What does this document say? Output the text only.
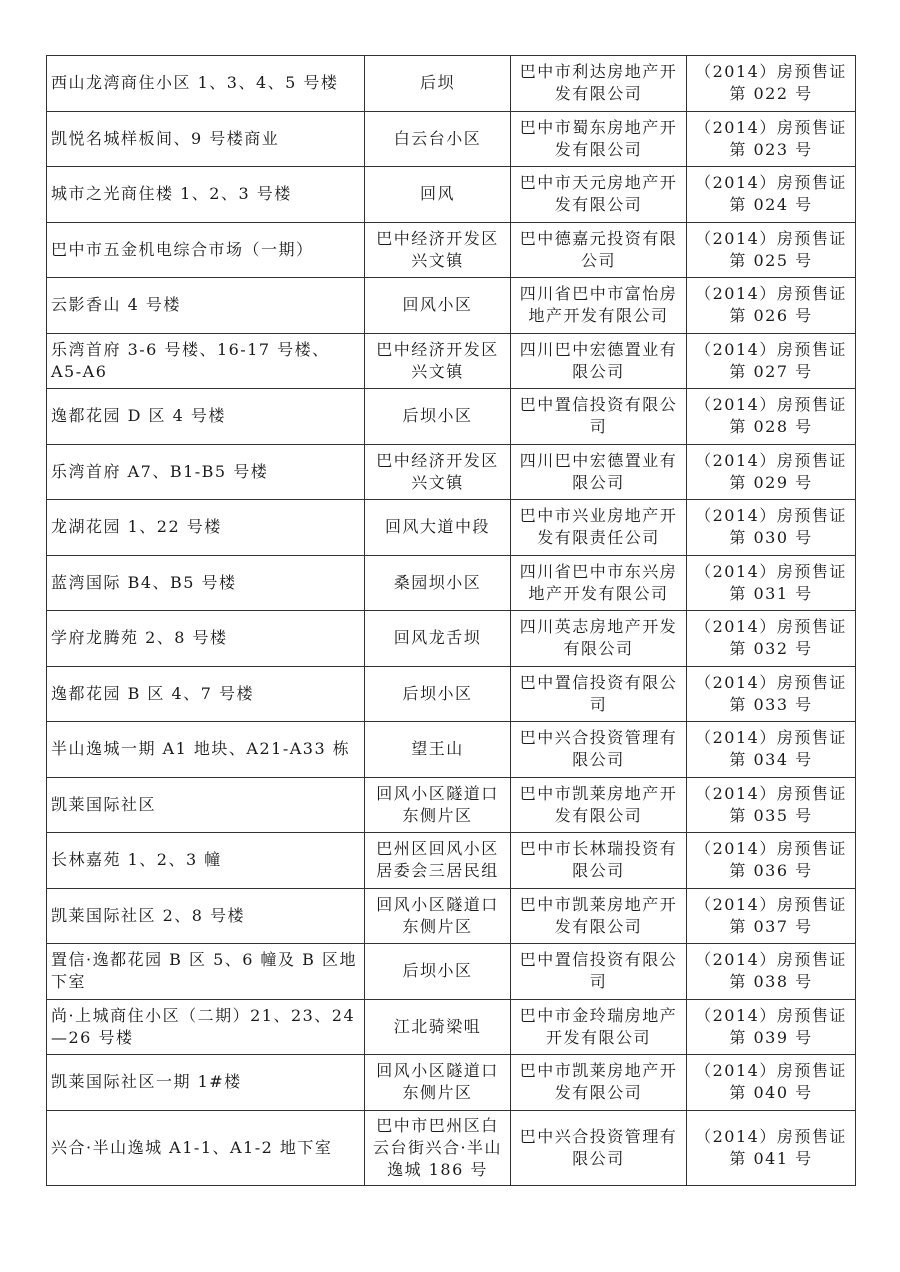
西山龙湾商住小区 1、3、4、5 号楼	后坝	巴中市利达房地产开发有限公司	（2014）房预售证第 022 号
凯悦名城样板间、9 号楼商业	白云台小区	巴中市蜀东房地产开发有限公司	（2014）房预售证第 023 号
城市之光商住楼 1、2、3 号楼	回风	巴中市天元房地产开发有限公司	（2014）房预售证第 024 号
巴中市五金机电综合市场（一期）	巴中经济开发区兴文镇	巴中德嘉元投资有限公司	（2014）房预售证第 025 号
云影香山 4 号楼	回风小区	四川省巴中市富怡房地产开发有限公司	（2014）房预售证第 026 号
乐湾首府 3-6 号楼、16-17 号楼、A5-A6	巴中经济开发区兴文镇	四川巴中宏德置业有限公司	（2014）房预售证第 027 号
逸都花园 D 区 4 号楼	后坝小区	巴中置信投资有限公司	（2014）房预售证第 028 号
乐湾首府 A7、B1-B5 号楼	巴中经济开发区兴文镇	四川巴中宏德置业有限公司	（2014）房预售证第 029 号
龙湖花园 1、22 号楼	回风大道中段	巴中市兴业房地产开发有限责任公司	（2014）房预售证第 030 号
蓝湾国际 B4、B5 号楼	桑园坝小区	四川省巴中市东兴房地产开发有限公司	（2014）房预售证第 031 号
学府龙腾苑 2、8 号楼	回风龙舌坝	四川英志房地产开发有限公司	（2014）房预售证第 032 号
逸都花园 B 区 4、7 号楼	后坝小区	巴中置信投资有限公司	（2014）房预售证第 033 号
半山逸城一期 A1 地块、A21-A33 栋	望王山	巴中兴合投资管理有限公司	（2014）房预售证第 034 号
凯莱国际社区	回风小区隧道口东侧片区	巴中市凯莱房地产开发有限公司	（2014）房预售证第 035 号
长林嘉苑 1、2、3 幢	巴州区回风小区居委会三居民组	巴中市长林瑞投资有限公司	（2014）房预售证第 036 号
凯莱国际社区 2、8 号楼	回风小区隧道口东侧片区	巴中市凯莱房地产开发有限公司	（2014）房预售证第 037 号
置信·逸都花园 B 区 5、6 幢及 B 区地下室	后坝小区	巴中置信投资有限公司	（2014）房预售证第 038 号
尚·上城商住小区（二期）21、23、24—26 号楼	江北骑梁咀	巴中市金玲瑞房地产开发有限公司	（2014）房预售证第 039 号
凯莱国际社区一期 1#楼	回风小区隧道口东侧片区	巴中市凯莱房地产开发有限公司	（2014）房预售证第 040 号
兴合·半山逸城 A1-1、A1-2 地下室	巴中市巴州区白云台街兴合·半山逸城 186 号	巴中兴合投资管理有限公司	（2014）房预售证第 041 号
